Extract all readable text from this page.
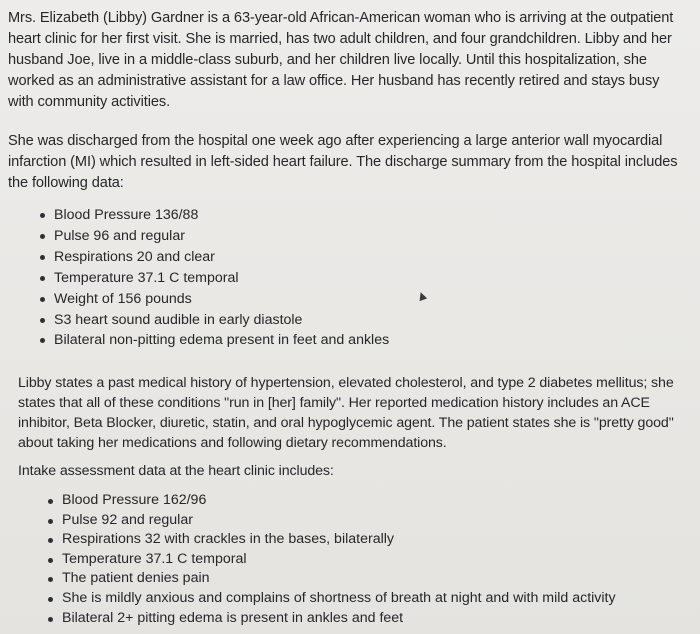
Mrs. Elizabeth (Libby) Gardner is a 63-year-old African-American woman who is arriving at the outpatient heart clinic for her first visit. She is married, has two adult children, and four grandchildren. Libby and her husband Joe, live in a middle-class suburb, and her children live locally. Until this hospitalization, she worked as an administrative assistant for a law office. Her husband has recently retired and stays busy with community activities.

She was discharged from the hospital one week ago after experiencing a large anterior wall myocardial infarction (MI) which resulted in left-sided heart failure. The discharge summary from the hospital includes the following data:

Blood Pressure 136/88
Pulse 96 and regular
Respirations 20 and clear
Temperature 37.1 C temporal
Weight of 156 pounds
S3 heart sound audible in early diastole
Bilateral non-pitting edema present in feet and ankles

Libby states a past medical history of hypertension, elevated cholesterol, and type 2 diabetes mellitus; she states that all of these conditions "run in [her] family". Her reported medication history includes an ACE inhibitor, Beta Blocker, diuretic, statin, and oral hypoglycemic agent. The patient states she is "pretty good" about taking her medications and following dietary recommendations.

Intake assessment data at the heart clinic includes:

Blood Pressure 162/96
Pulse 92 and regular
Respirations 32 with crackles in the bases, bilaterally
Temperature 37.1 C temporal
The patient denies pain
She is mildly anxious and complains of shortness of breath at night and with mild activity
Bilateral 2+ pitting edema is present in ankles and feet
